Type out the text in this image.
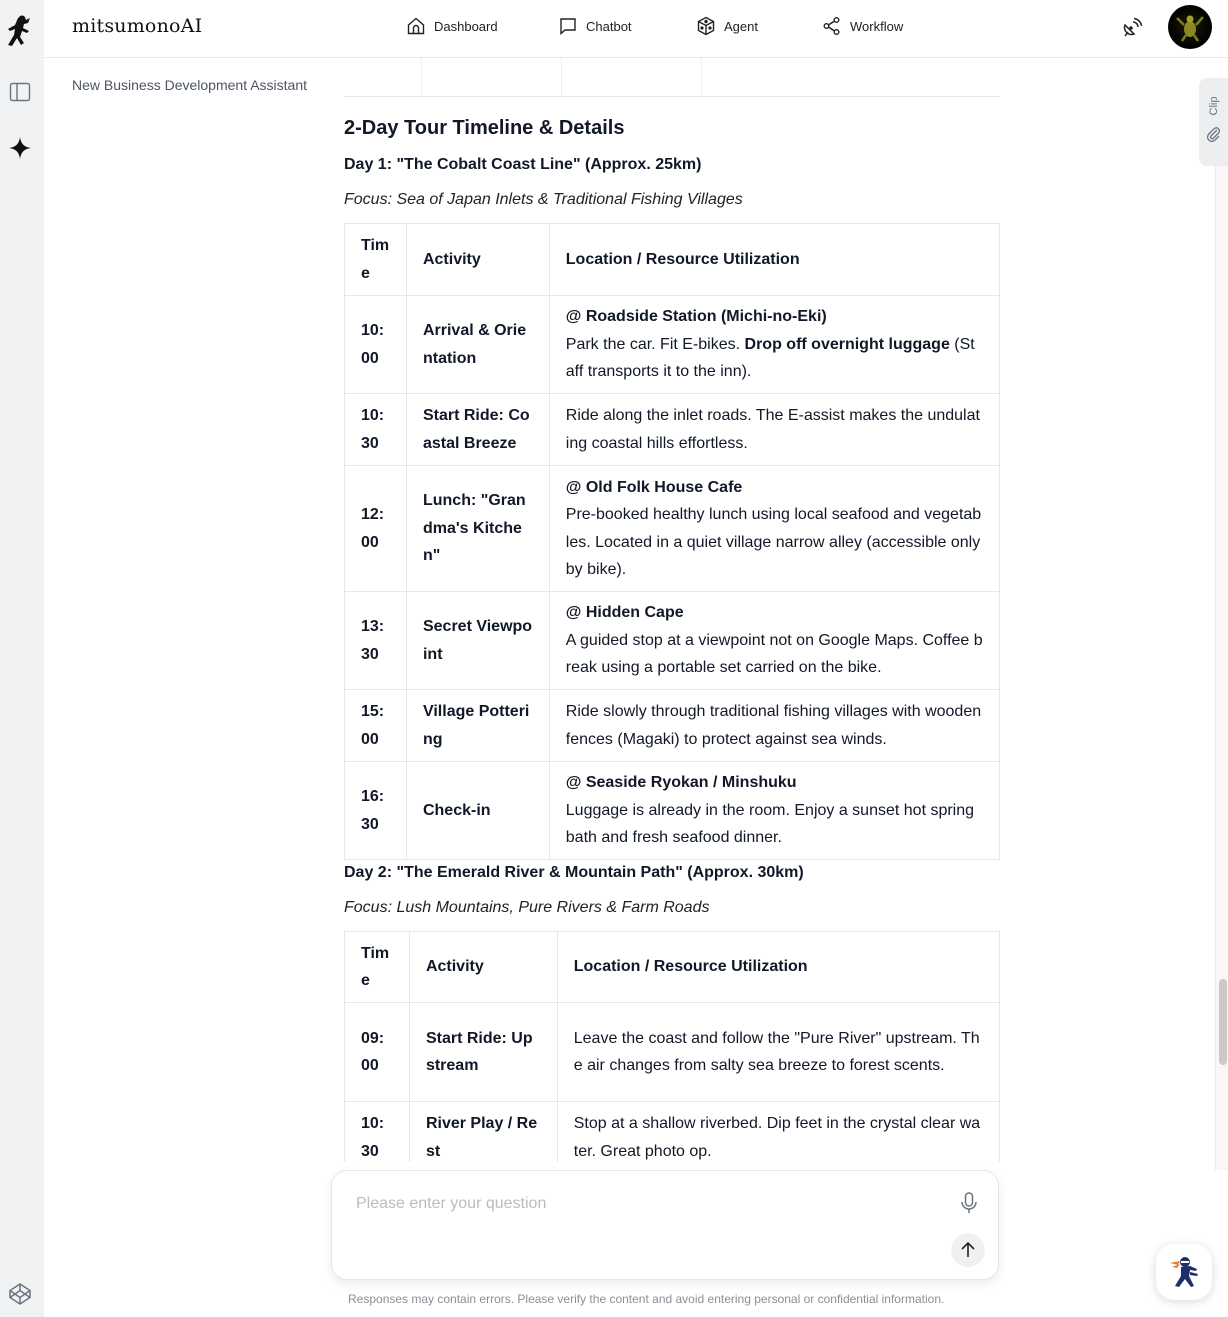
mitsumonoAI	Dashboard	Chatbot	Agent	Workflow
New Business Development Assistant
2-Day Tour Timeline & Details
Day 1: "The Cobalt Coast Line" (Approx. 25km)
Focus: Sea of Japan Inlets & Traditional Fishing Villages
Time	Activity	Location / Resource Utilization
10:00	Arrival & Orientation	@ Roadside Station (Michi-no-Eki)
Park the car. Fit E-bikes. Drop off overnight luggage (Staff transports it to the inn).
10:30	Start Ride: Coastal Breeze	Ride along the inlet roads. The E-assist makes the undulating coastal hills effortless.
12:00	Lunch: "Grandma's Kitchen"	@ Old Folk House Cafe
Pre-booked healthy lunch using local seafood and vegetables. Located in a quiet village narrow alley (accessible only by bike).
13:30	Secret Viewpoint	@ Hidden Cape
A guided stop at a viewpoint not on Google Maps. Coffee break using a portable set carried on the bike.
15:00	Village Pottering	Ride slowly through traditional fishing villages with wooden fences (Magaki) to protect against sea winds.
16:30	Check-in	@ Seaside Ryokan / Minshuku
Luggage is already in the room. Enjoy a sunset hot spring bath and fresh seafood dinner.
Day 2: "The Emerald River & Mountain Path" (Approx. 30km)
Focus: Lush Mountains, Pure Rivers & Farm Roads
Time	Activity	Location / Resource Utilization
09:00	Start Ride: Upstream	Leave the coast and follow the "Pure River" upstream. The air changes from salty sea breeze to forest scents.
10:30	River Play / Rest	Stop at a shallow riverbed. Dip feet in the crystal clear water. Great photo op.
Clip
Please enter your question
Responses may contain errors. Please verify the content and avoid entering personal or confidential information.
